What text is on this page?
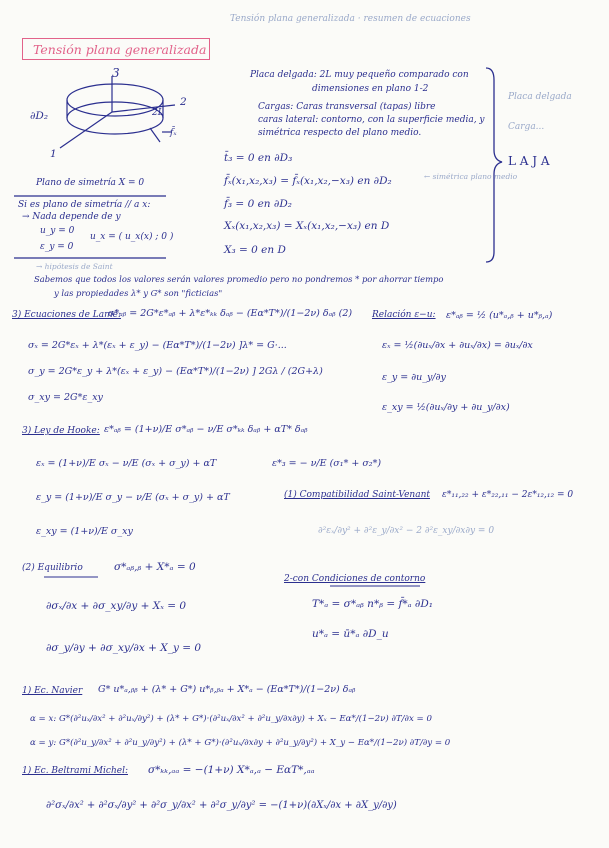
Tensión plana generalizada · resumen de ecuaciones
Tensión plana generalizada
3
2
1
∂D₂	2L
f̄ₓ
Placa delgada: 2L muy pequeño comparado con
dimensiones en plano 1-2
Cargas: Caras transversal (tapas) libre
caras lateral: contorno, con la superficie media, y
simétrica respecto del plano medio.
Placa delgada
Carga...
L A J A
t̄₃ = 0 en ∂D₃
f̄ₓ(x₁,x₂,x₃) = f̄ₓ(x₁,x₂,−x₃) en ∂D₂	← simétrica plano medio
f̄₃ = 0 en ∂D₂
Xₓ(x₁,x₂,x₃) = Xₓ(x₁,x₂,−x₃) en D
X₃ = 0 en D
Plano de simetría X = 0
Si es plano de simetría // a x:
→ Nada depende de y
u_y = 0
ε_y = 0
u_x = ( u_x(x) ; 0 )
→ hipótesis de Saint
Sabemos que todos los valores serán valores promedio pero no pondremos * por ahorrar tiempo
y las propiedades λ* y G* son "ficticias"
3) Ecuaciones de Lamé:
σ*ₐᵦ = 2G*ε*ₐᵦ + λ*ε*ₖₖ δₐᵦ − (Eα*T*)/(1−2ν) δₐᵦ (2)
σₓ = 2G*εₓ + λ*(εₓ + ε_y) − (Eα*T*)/(1−2ν) ]λ* = G·...
σ_y = 2G*ε_y + λ*(εₓ + ε_y) − (Eα*T*)/(1−2ν) ] 2Gλ / (2G+λ)
σ_xy = 2G*ε_xy
Relación ε−u: ε*ₐᵦ = ½ (u*ₐ,ᵦ + u*ᵦ,ₐ)
εₓ = ½(∂uₓ/∂x + ∂uₓ/∂x) = ∂uₓ/∂x
ε_y = ∂u_y/∂y
ε_xy = ½(∂uₓ/∂y + ∂u_y/∂x)
3) Ley de Hooke: ε*ₐᵦ = (1+ν)/E σ*ₐᵦ − ν/E σ*ₖₖ δₐᵦ + αT* δₐᵦ
εₓ = (1+ν)/E σₓ − ν/E (σₓ + σ_y) + αT	ε*₃ = − ν/E (σ₁* + σ₂*)
ε_y = (1+ν)/E σ_y − ν/E (σₓ + σ_y) + αT
ε_xy = (1+ν)/E σ_xy
(1) Compatibilidad Saint-Venant ε*₁₁,₂₂ + ε*₂₂,₁₁ − 2ε*₁₂,₁₂ = 0
∂²εₓ/∂y² + ∂²ε_y/∂x² − 2 ∂²ε_xy/∂x∂y = 0
(2) Equilibrio	σ*ₐᵦ,ᵦ + X*ₐ = 0
∂σₓ/∂x + ∂σ_xy/∂y + Xₓ = 0
∂σ_y/∂y + ∂σ_xy/∂x + X_y = 0
2-con Condiciones de contorno
T*ₐ = σ*ₐᵦ n*ᵦ = f̄*ₐ ∂D₁
u*ₐ = ū*ₐ ∂D_u
1) Ec. Navier G* u*ₐ,ᵦᵦ + (λ* + G*) u*ᵦ,ᵦₐ + X*ₐ − (Eα*T*)/(1−2ν) δₐᵦ
α = x: G*(∂²uₓ/∂x² + ∂²uₓ/∂y²) + (λ* + G*)·(∂²uₓ/∂x² + ∂²u_y/∂x∂y) + Xₓ − Eα*/(1−2ν) ∂T/∂x = 0
α = y: G*(∂²u_y/∂x² + ∂²u_y/∂y²) + (λ* + G*)·(∂²uₓ/∂x∂y + ∂²u_y/∂y²) + X_y − Eα*/(1−2ν) ∂T/∂y = 0
1) Ec. Beltrami Michel: σ*ₖₖ,ₐₐ = −(1+ν) X*ₐ,ₐ − EαT*,ₐₐ
∂²σₓ/∂x² + ∂²σₓ/∂y² + ∂²σ_y/∂x² + ∂²σ_y/∂y² = −(1+ν)(∂Xₓ/∂x + ∂X_y/∂y)
